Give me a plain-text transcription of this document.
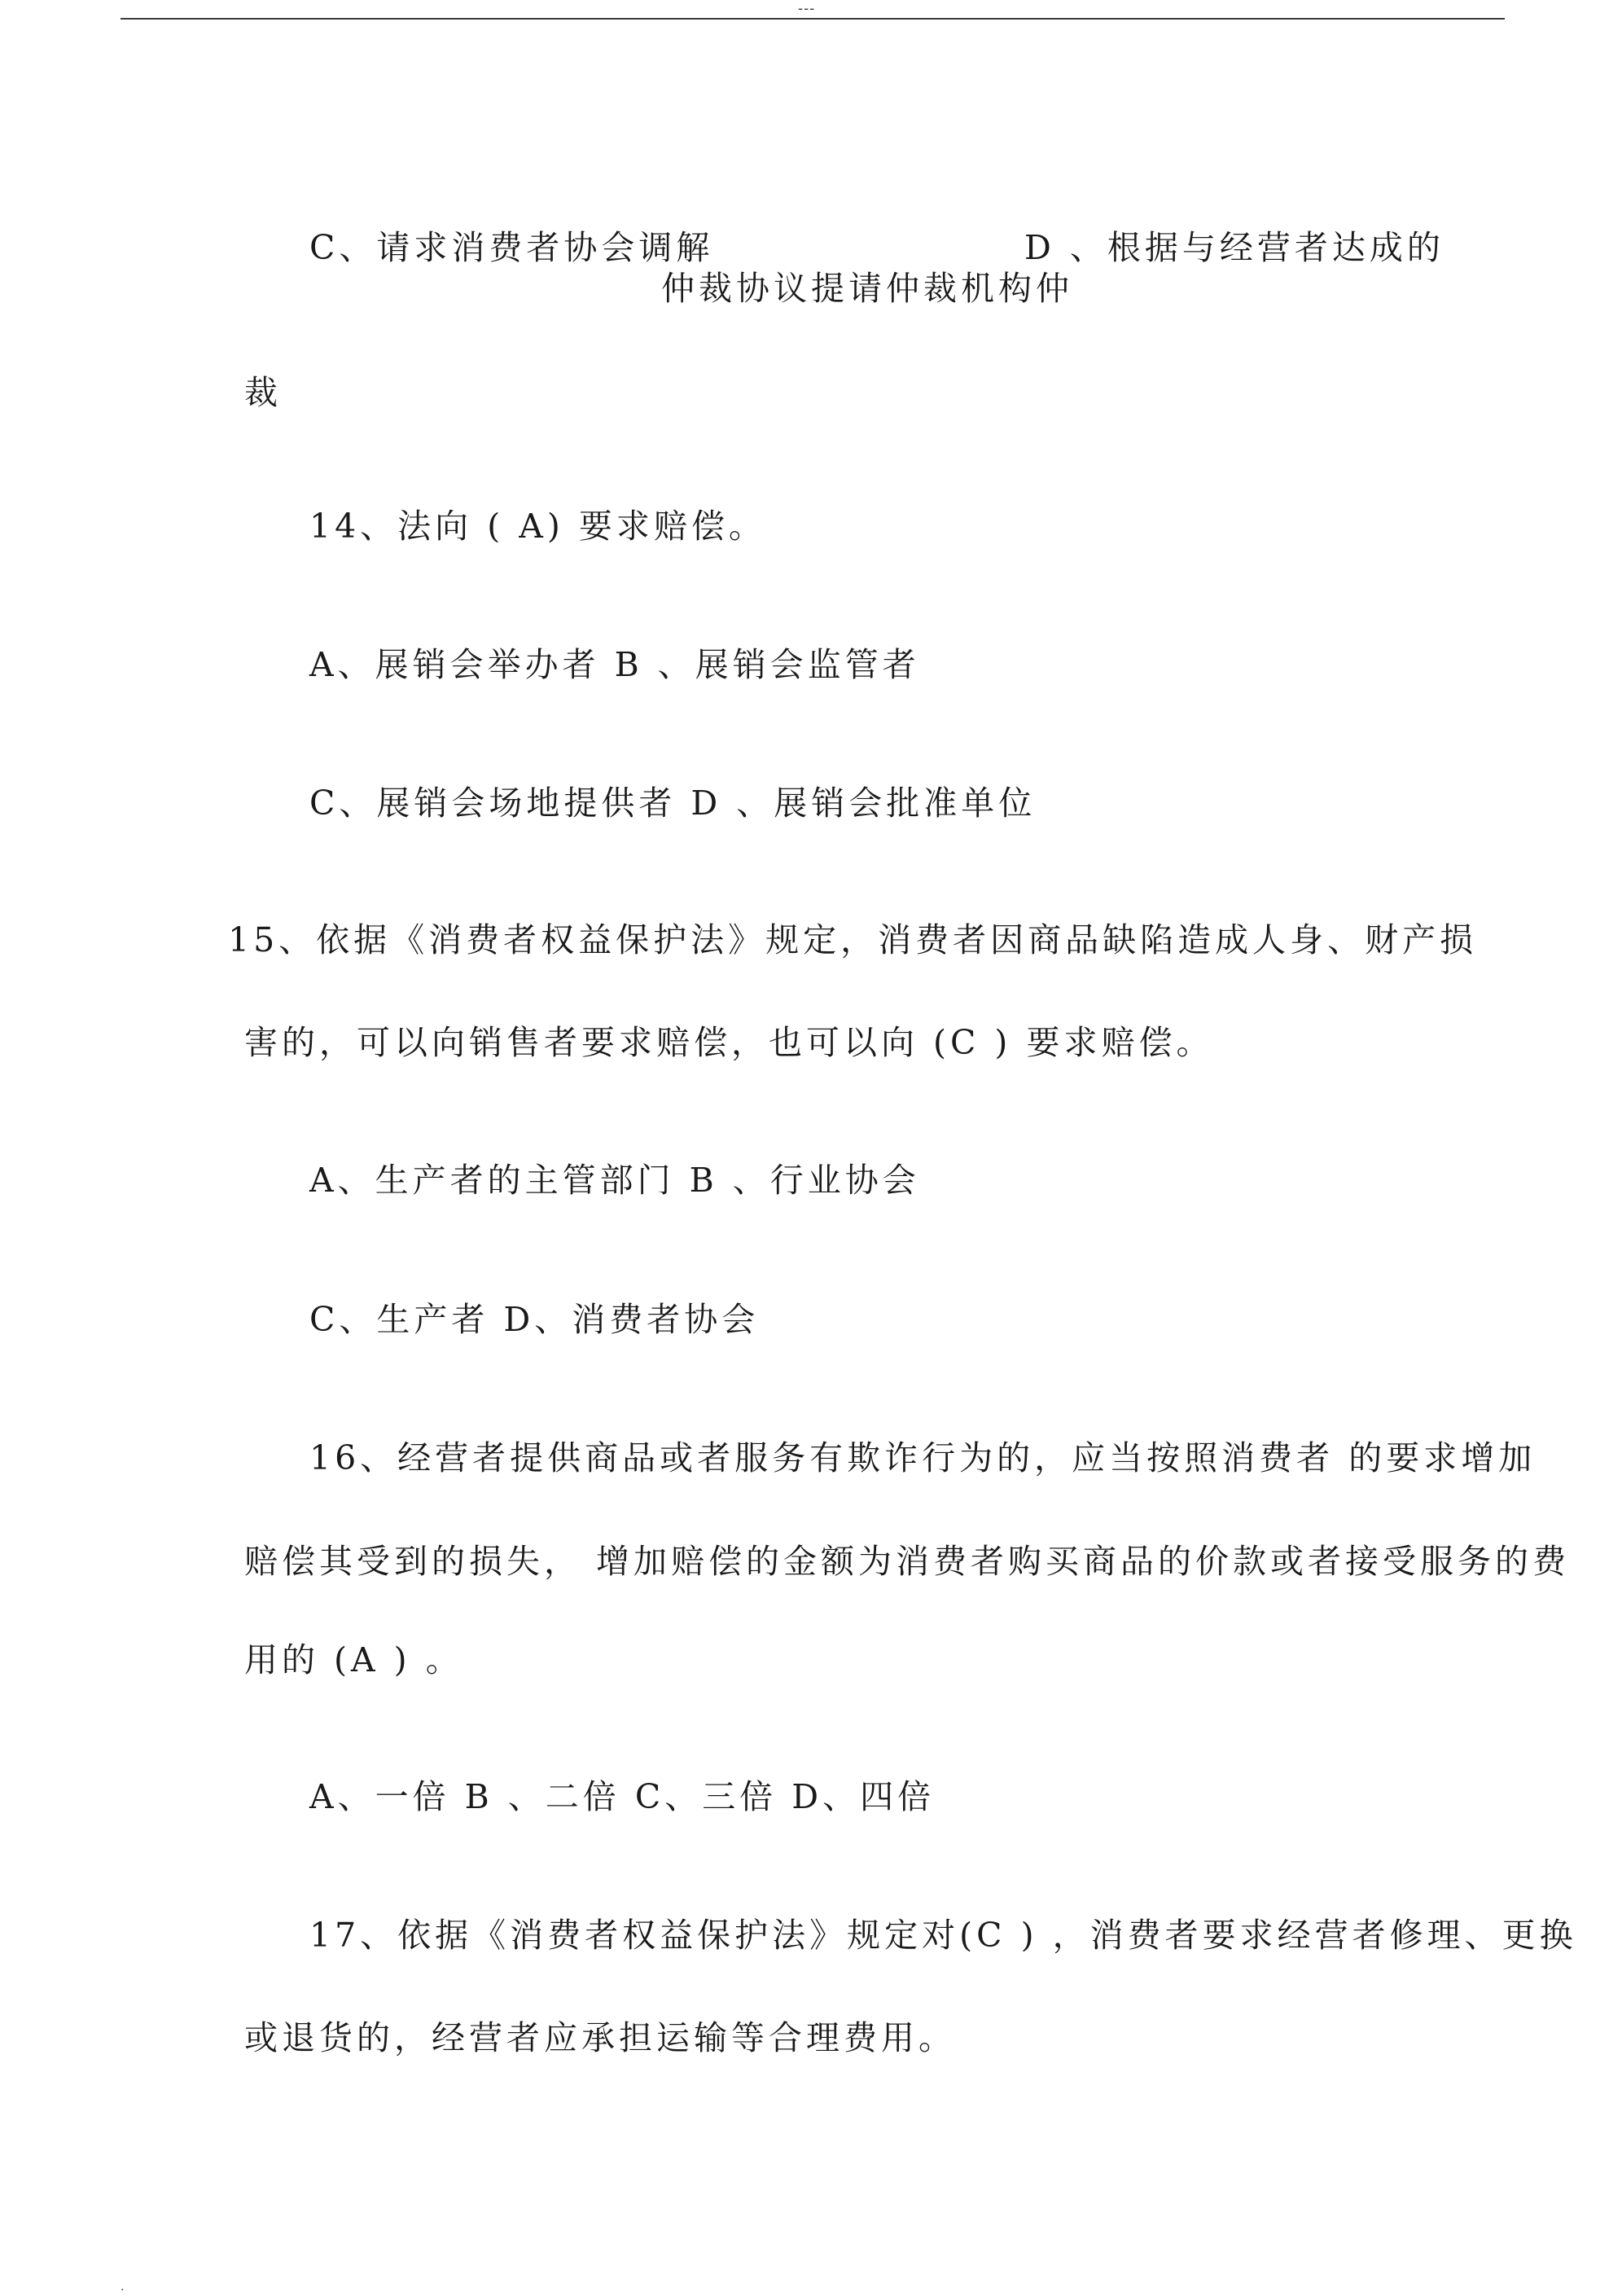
---
C、请求消费者协会调解	D 、根据与经营者达成的
仲裁协议提请仲裁机构仲
裁
14、法向 ( A) 要求赔偿。
A、展销会举办者 B 、展销会监管者
C、展销会场地提供者 D 、展销会批准单位
15、依据《消费者权益保护法》规定，消费者因商品缺陷造成人身、财产损
害的，可以向销售者要求赔偿，也可以向 (C ) 要求赔偿。
A、生产者的主管部门 B 、行业协会
C、生产者 D、消费者协会
16、经营者提供商品或者服务有欺诈行为的，应当按照消费者 的要求增加
赔偿其受到的损失， 增加赔偿的金额为消费者购买商品的价款或者接受服务的费
用的 (A ) 。
A、一倍 B 、二倍 C、三倍 D、四倍
17、依据《消费者权益保护法》规定对(C ) ，消费者要求经营者修理、更换
或退货的，经营者应承担运输等合理费用。
.
